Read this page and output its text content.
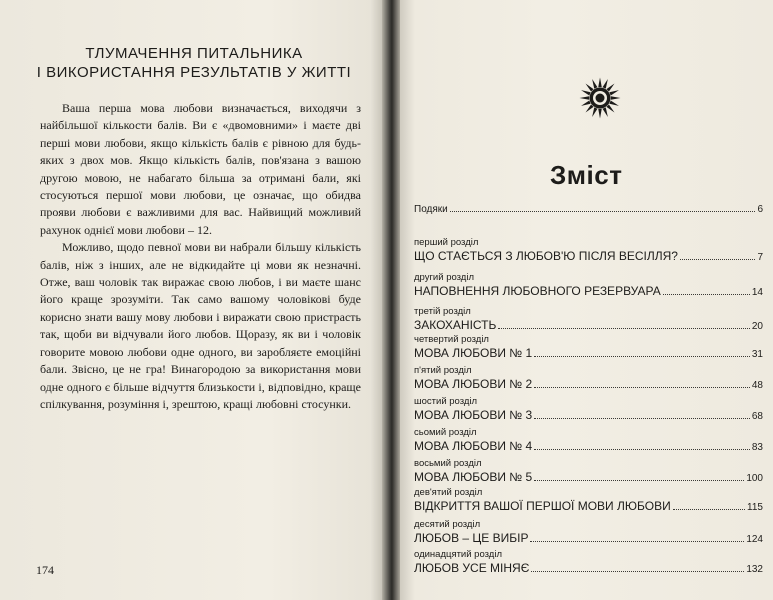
ТЛУМАЧЕННЯ ПИТАЛЬНИКА
І ВИКОРИСТАННЯ РЕЗУЛЬТАТІВ У ЖИТТІ

Ваша перша мова любови визначається, виходячи з найбільшої кількости балів. Ви є «двомовними» і маєте дві перші мови любови, якщо кількість балів є рівною для будь-яких з двох мов. Якщо кількість балів, пов'язана з вашою другою мовою, не набагато більша за отримані бали, які стосуються першої мови любови, це означає, що обидва прояви любови є важливими для вас. Найвищий можливий рахунок однієї мови любови – 12.

Можливо, щодо певної мови ви набрали більшу кількість балів, ніж з інших, але не відкидайте ці мови як незначні. Отже, ваш чоловік так виражає свою любов, і ви маєте шанс його краще зрозуміти. Так само вашому чоловікові буде корисно знати вашу мову любови і виражати свою пристрасть так, щоби ви відчували його любов. Щоразу, як ви і чоловік говорите мовою любови одне одного, ви заробляєте емоційні бали. Звісно, це не гра! Винагородою за використання мови одне одного є більше відчуття близькости і, відповідно, краще спілкування, розуміння і, зрештою, кращі любовні стосунки.

174
Зміст
Подяки	6
перший розділ
ЩО СТАЄТЬСЯ З ЛЮБОВ'Ю ПІСЛЯ ВЕСІЛЛЯ?	7
другий розділ
НАПОВНЕННЯ ЛЮБОВНОГО РЕЗЕРВУАРА	14
третій розділ
ЗАКОХАНІСТЬ	20
четвертий розділ
МОВА ЛЮБОВИ № 1	31
п'ятий розділ
МОВА ЛЮБОВИ № 2	48
шостий розділ
МОВА ЛЮБОВИ № 3	68
сьомий розділ
МОВА ЛЮБОВИ № 4	83
восьмий розділ
МОВА ЛЮБОВИ № 5	100
дев'ятий розділ
ВІДКРИТТЯ ВАШОЇ ПЕРШОЇ МОВИ ЛЮБОВИ	115
десятий розділ
ЛЮБОВ – ЦЕ ВИБІР	124
одинадцятий розділ
ЛЮБОВ УСЕ МІНЯЄ	132
